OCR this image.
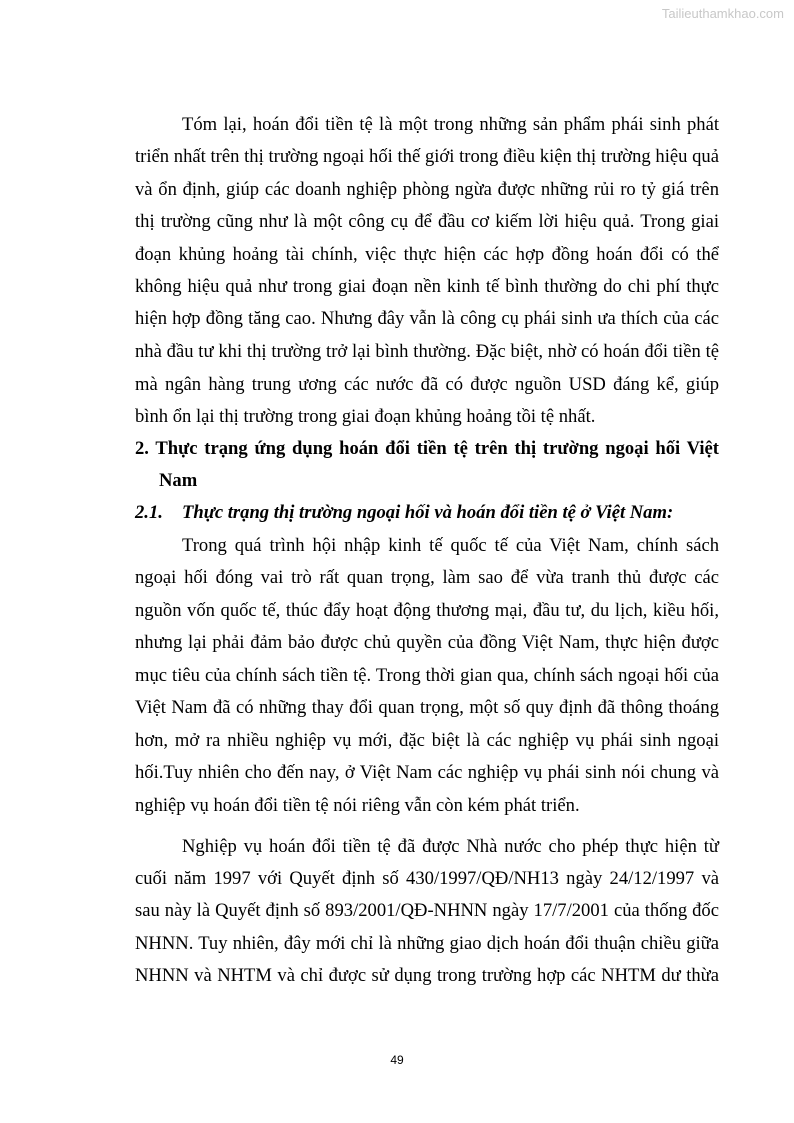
Tailieuthamkhao.com
Tóm lại, hoán đổi tiền tệ là một trong những sản phẩm phái sinh phát
triển nhất trên thị trường ngoại hối thế giới trong điều kiện thị trường hiệu quả
và ổn định, giúp các doanh nghiệp phòng ngừa được những rủi ro tỷ giá trên
thị trường cũng như là một công cụ để đầu cơ kiếm lời hiệu quả. Trong giai
đoạn khủng hoảng tài chính, việc thực hiện các hợp đồng hoán đổi có thể
không hiệu quả như trong giai đoạn nền kinh tế bình thường do chi phí thực
hiện hợp đồng tăng cao. Nhưng đây vẫn là công cụ phái sinh ưa thích của các
nhà đầu tư khi thị trường trở lại bình thường. Đặc biệt, nhờ có hoán đổi tiền tệ
mà ngân hàng trung ương các nước đã có được nguồn USD đáng kể, giúp
bình ổn lại thị trường trong giai đoạn khủng hoảng tồi tệ nhất.
2. Thực trạng ứng dụng hoán đổi tiền tệ trên thị trường ngoại hối Việt
Nam
2.1. Thực trạng thị trường ngoại hối và hoán đổi tiền tệ ở Việt Nam:
Trong quá trình hội nhập kinh tế quốc tế của Việt Nam, chính sách
ngoại hối đóng vai trò rất quan trọng, làm sao để vừa tranh thủ được các
nguồn vốn quốc tế, thúc đẩy hoạt động thương mại, đầu tư, du lịch, kiều hối,
nhưng lại phải đảm bảo được chủ quyền của đồng Việt Nam, thực hiện được
mục tiêu của chính sách tiền tệ. Trong thời gian qua, chính sách ngoại hối của
Việt Nam đã có những thay đổi quan trọng, một số quy định đã thông thoáng
hơn, mở ra nhiều nghiệp vụ mới, đặc biệt là các nghiệp vụ phái sinh ngoại
hối.Tuy nhiên cho đến nay, ở Việt Nam các nghiệp vụ phái sinh nói chung và
nghiệp vụ hoán đổi tiền tệ nói riêng vẫn còn kém phát triển.
Nghiệp vụ hoán đổi tiền tệ đã được Nhà nước cho phép thực hiện từ
cuối năm 1997 với Quyết định số 430/1997/QĐ/NH13 ngày 24/12/1997 và
sau này là Quyết định số 893/2001/QĐ-NHNN ngày 17/7/2001 của thống đốc
NHNN. Tuy nhiên, đây mới chỉ là những giao dịch hoán đổi thuận chiều giữa
NHNN và NHTM và chỉ được sử dụng trong trường hợp các NHTM dư thừa
49
